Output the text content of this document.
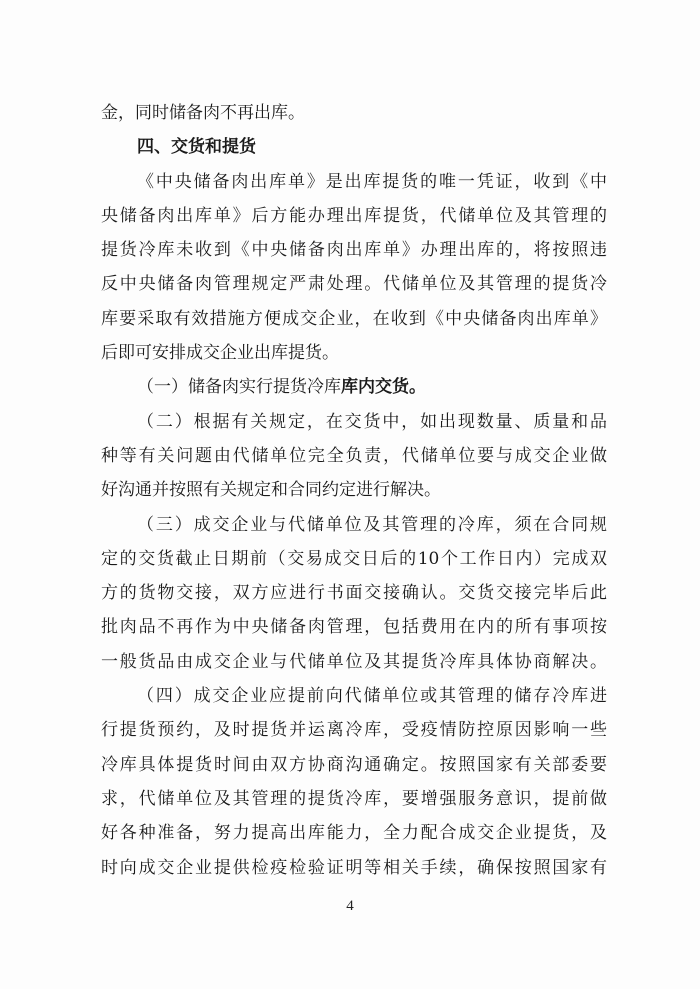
金，同时储备肉不再出库。
四、交货和提货
《中央储备肉出库单》是出库提货的唯一凭证，收到《中
央储备肉出库单》后方能办理出库提货，代储单位及其管理的
提货冷库未收到《中央储备肉出库单》办理出库的，将按照违
反中央储备肉管理规定严肃处理。代储单位及其管理的提货冷
库要采取有效措施方便成交企业，在收到《中央储备肉出库单》
后即可安排成交企业出库提货。
（一）储备肉实行提货冷库库内交货。
（二）根据有关规定，在交货中，如出现数量、质量和品
种等有关问题由代储单位完全负责，代储单位要与成交企业做
好沟通并按照有关规定和合同约定进行解决。
（三）成交企业与代储单位及其管理的冷库，须在合同规
定的交货截止日期前（交易成交日后的10个工作日内）完成双
方的货物交接，双方应进行书面交接确认。交货交接完毕后此
批肉品不再作为中央储备肉管理，包括费用在内的所有事项按
一般货品由成交企业与代储单位及其提货冷库具体协商解决。
（四）成交企业应提前向代储单位或其管理的储存冷库进
行提货预约，及时提货并运离冷库，受疫情防控原因影响一些
冷库具体提货时间由双方协商沟通确定。按照国家有关部委要
求，代储单位及其管理的提货冷库，要增强服务意识，提前做
好各种准备，努力提高出库能力，全力配合成交企业提货，及
时向成交企业提供检疫检验证明等相关手续，确保按照国家有
4
